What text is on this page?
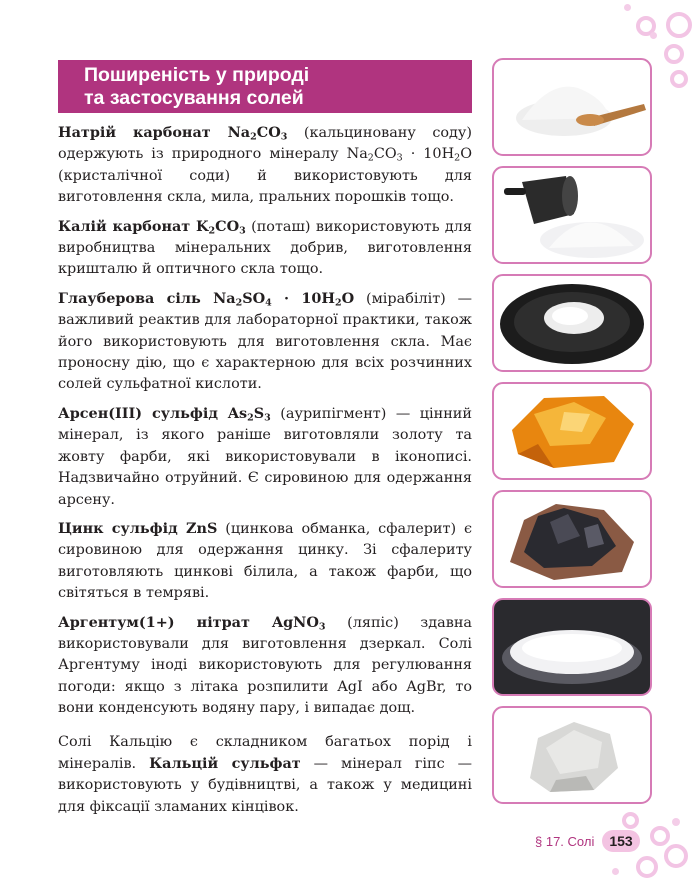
Поширеність у природі
та застосування солей

Натрій карбонат $Na_2CO_3$ (кальциновану соду) одержують із природного мінералу $Na_2CO_3 \cdot 10H_2O$ (кристалічної соди) й використовують для виготовлення скла, мила, пральних порошків тощо.

Калій карбонат $K_2CO_3$ (поташ) використовують для виробництва мінеральних добрив, виготовлення кришталю й оптичного скла тощо.

Глауберова сіль $Na_2SO_4 \cdot 10H_2O$ (мірабіліт) — важливий реактив для лабораторної практики, також його використовують для виготовлення скла. Має проносну дію, що є характерною для всіх розчинних солей сульфатної кислоти.

Арсен(III) сульфід $As_2S_3$ (аурипігмент) — цінний мінерал, із якого раніше виготовляли золоту та жовту фарби, які використовували в іконописі. Надзвичайно отруйний. Є сировиною для одержання арсену.

Цинк сульфід ZnS (цинкова обманка, сфалерит) є сировиною для одержання цинку. Зі сфалериту виготовляють цинкові білила, а також фарби, що світяться в темряві.

Аргентум(1+) нітрат AgNO$_3$ (ляпіс) здавна використовували для виготовлення дзеркал. Солі Аргентуму іноді використовують для регулювання погоди: якщо з літака розпилити AgI або AgBr, то вони конденсують водяну пару, і випадає дощ.

Солі Кальцію є складником багатьох порід і мінералів. Кальцій сульфат — мінерал гіпс — використовують у будівництві, а також у медицині для фіксації зламаних кінцівок.

§ 17. Солі	153
